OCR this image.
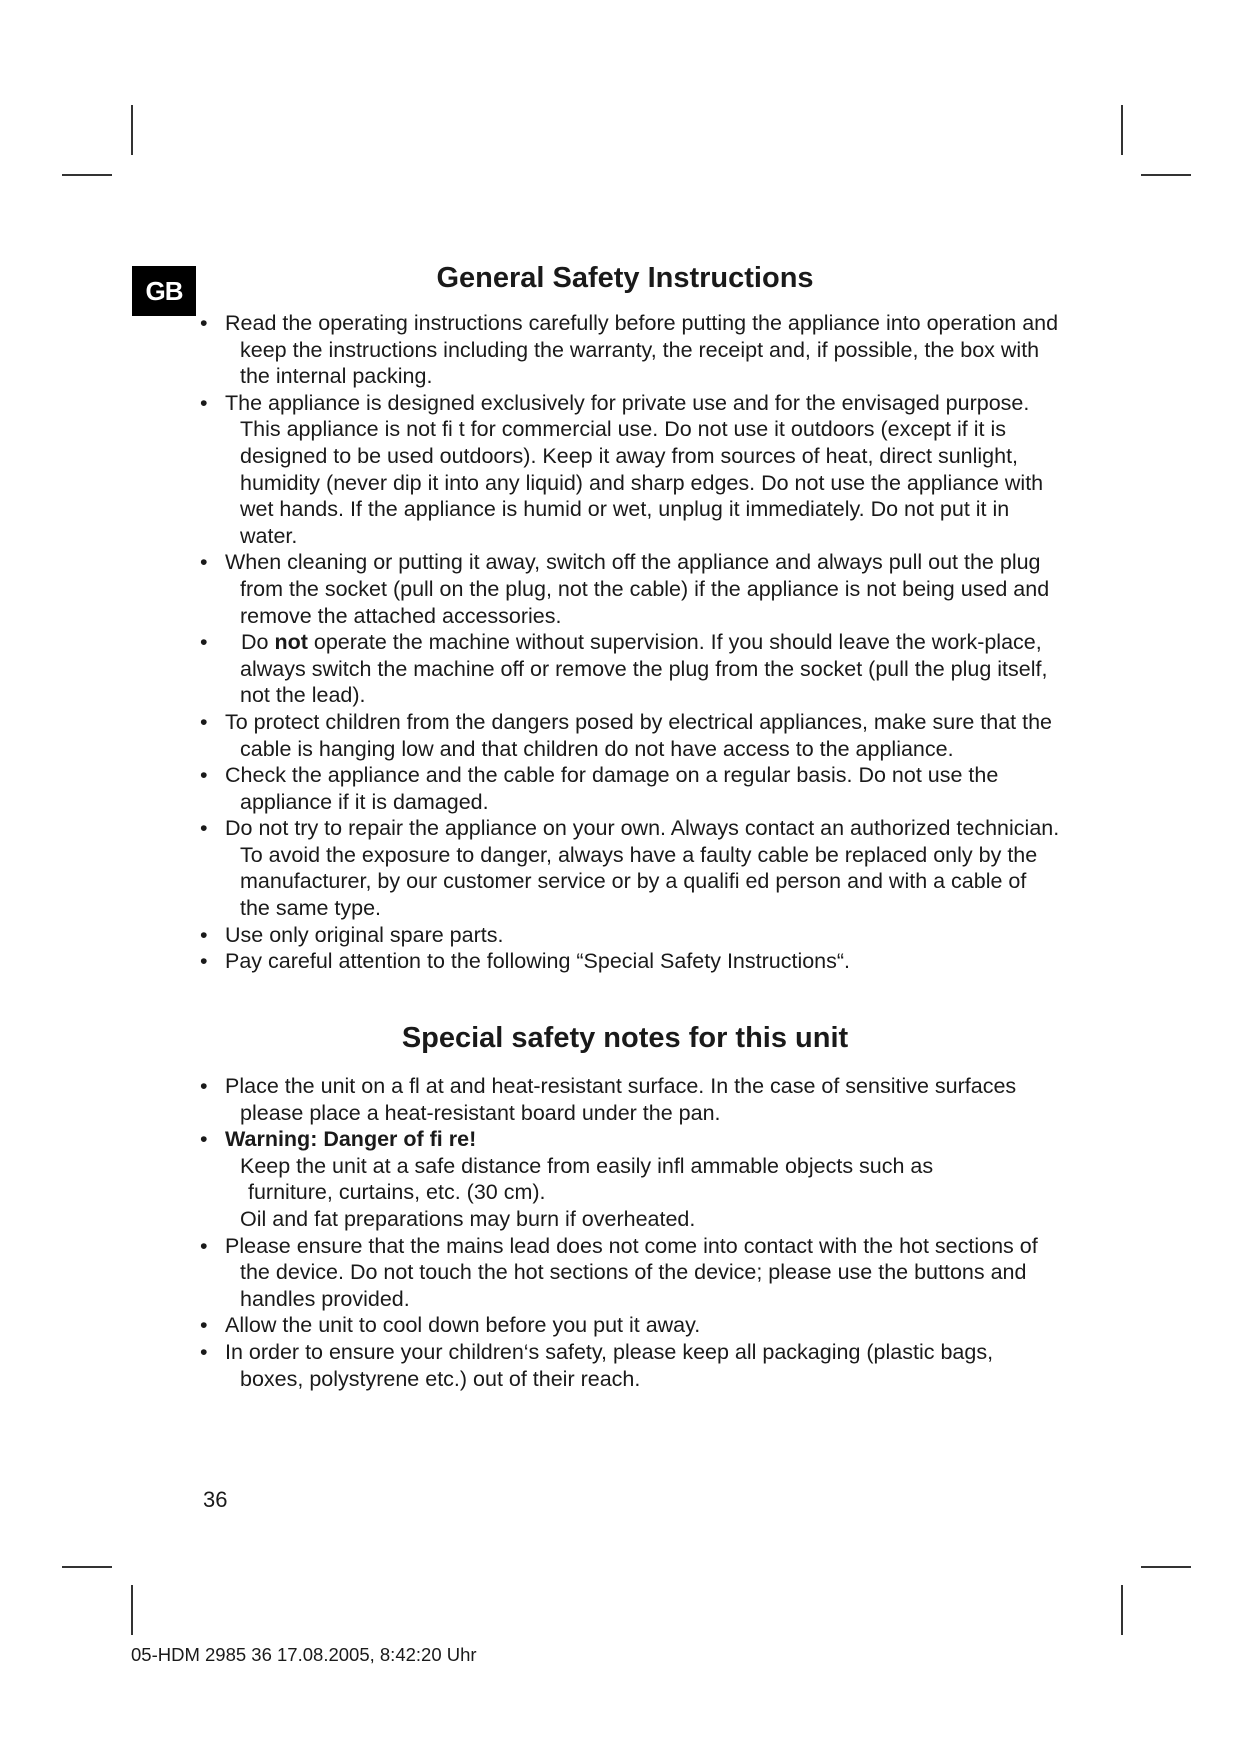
GB	General Safety Instructions
• Read the operating instructions carefully before putting the appliance into operation and keep the instructions including the warranty, the receipt and, if possible, the box with the internal packing.
• The appliance is designed exclusively for private use and for the envisaged purpose. This appliance is not fi t for commercial use. Do not use it outdoors (except if it is designed to be used outdoors). Keep it away from sources of heat, direct sunlight, humidity (never dip it into any liquid) and sharp edges. Do not use the appliance with wet hands. If the appliance is humid or wet, unplug it immediately. Do not put it in water.
• When cleaning or putting it away, switch off the appliance and always pull out the plug from the socket (pull on the plug, not the cable) if the appliance is not being used and remove the attached accessories.
• Do not operate the machine without supervision. If you should leave the work-place, always switch the machine off or remove the plug from the socket (pull the plug itself, not the lead).
• To protect children from the dangers posed by electrical appliances, make sure that the cable is hanging low and that children do not have access to the appliance.
• Check the appliance and the cable for damage on a regular basis. Do not use the appliance if it is damaged.
• Do not try to repair the appliance on your own. Always contact an authorized technician. To avoid the exposure to danger, always have a faulty cable be replaced only by the manufacturer, by our customer service or by a qualifi ed person and with a cable of the same type.
• Use only original spare parts.
• Pay careful attention to the following “Special Safety Instructions“.
Special safety notes for this unit
• Place the unit on a fl at and heat-resistant surface. In the case of sensitive surfaces please place a heat-resistant board under the pan.
• Warning: Danger of fi re!
Keep the unit at a safe distance from easily infl ammable objects such as
furniture, curtains, etc. (30 cm).
Oil and fat preparations may burn if overheated.
• Please ensure that the mains lead does not come into contact with the hot sections of the device. Do not touch the hot sections of the device; please use the buttons and handles provided.
• Allow the unit to cool down before you put it away.
• In order to ensure your children‘s safety, please keep all packaging (plastic bags, boxes, polystyrene etc.) out of their reach.
36
05-HDM 2985 36 17.08.2005, 8:42:20 Uhr
